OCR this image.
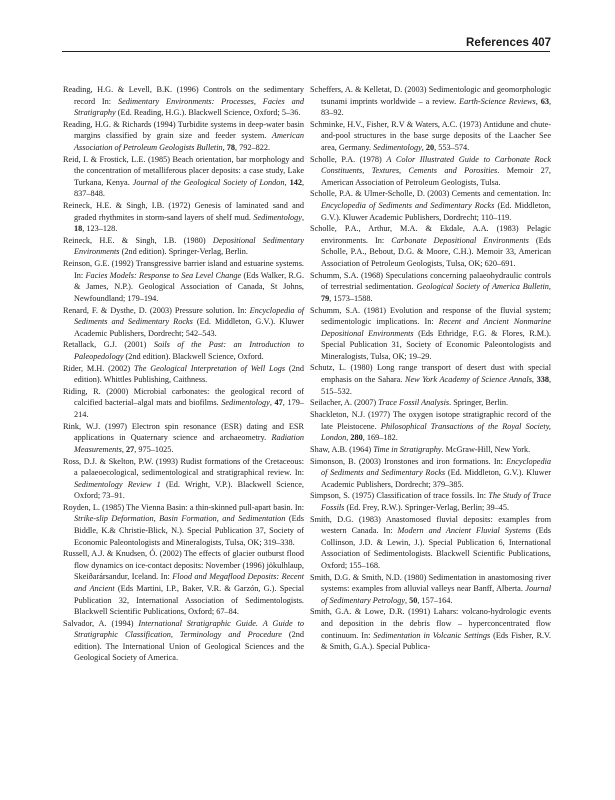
References 407

Reading, H.G. & Levell, B.K. (1996) Controls on the sedimentary record In: Sedimentary Environments: Processes, Facies and Stratigraphy (Ed. Reading, H.G.). Blackwell Science, Oxford; 5–36.

Reading, H.G. & Richards (1994) Turbidite systems in deep-water basin margins classified by grain size and feeder system. American Association of Petroleum Geologists Bulletin, 78, 792–822.

Reid, I. & Frostick, L.E. (1985) Beach orientation, bar morphology and the concentration of metalliferous placer deposits: a case study, Lake Turkana, Kenya. Journal of the Geological Society of London, 142, 837–848.

Reineck, H.E. & Singh, I.B. (1972) Genesis of laminated sand and graded rhythmites in storm-sand layers of shelf mud. Sedimentology, 18, 123–128.

Reineck, H.E. & Singh, I.B. (1980) Depositional Sedimentary Environments (2nd edition). Springer-Verlag, Berlin.

Reinson, G.E. (1992) Transgressive barrier island and estuarine systems. In: Facies Models: Response to Sea Level Change (Eds Walker, R.G. & James, N.P.). Geological Association of Canada, St Johns, Newfoundland; 179–194.

Renard, F. & Dysthe, D. (2003) Pressure solution. In: Encyclopedia of Sediments and Sedimentary Rocks (Ed. Middleton, G.V.). Kluwer Academic Publishers, Dordrecht; 542–543.

Retallack, G.J. (2001) Soils of the Past: an Introduction to Paleopedology (2nd edition). Blackwell Science, Oxford.

Rider, M.H. (2002) The Geological Interpretation of Well Logs (2nd edition). Whittles Publishing, Caithness.

Riding, R. (2000) Microbial carbonates: the geological record of calcified bacterial–algal mats and biofilms. Sedimentology, 47, 179–214.

Rink, W.J. (1997) Electron spin resonance (ESR) dating and ESR applications in Quaternary science and archaeometry. Radiation Measurements, 27, 975–1025.

Ross, D.J. & Skelton, P.W. (1993) Rudist formations of the Cretaceous: a palaeoecological, sedimentological and stratigraphical review. In: Sedimentology Review 1 (Ed. Wright, V.P.). Blackwell Science, Oxford; 73–91.

Royden, L. (1985) The Vienna Basin: a thin-skinned pull-apart basin. In: Strike-slip Deformation, Basin Formation, and Sedimentation (Eds Biddle, K.& Christie-Blick, N.). Special Publication 37, Society of Economic Paleontologists and Mineralogists, Tulsa, OK; 319–338.

Russell, A.J. & Knudsen, Ó. (2002) The effects of glacier outburst flood flow dynamics on ice-contact deposits: November (1996) jökulhlaup, Skeiðarársandur, Iceland. In: Flood and Megaflood Deposits: Recent and Ancient (Eds Martini, I.P., Baker, V.R. & Garzón, G.). Special Publication 32, International Association of Sedimentologists. Blackwell Scientific Publications, Oxford; 67–84.

Salvador, A. (1994) International Stratigraphic Guide. A Guide to Stratigraphic Classification, Terminology and Procedure (2nd edition). The International Union of Geological Sciences and the Geological Society of America.

Scheffers, A. & Kelletat, D. (2003) Sedimentologic and geomorphologic tsunami imprints worldwide – a review. Earth-Science Reviews, 63, 83–92.

Schminke, H.V., Fisher, R.V & Waters, A.C. (1973) Antidune and chute-and-pool structures in the base surge deposits of the Laacher See area, Germany. Sedimentology, 20, 553–574.

Scholle, P.A. (1978) A Color Illustrated Guide to Carbonate Rock Constituents, Textures, Cements and Porosities. Memoir 27, American Association of Petroleum Geologists, Tulsa.

Scholle, P.A. & Ulmer-Scholle, D. (2003) Cements and cementation. In: Encyclopedia of Sediments and Sedimentary Rocks (Ed. Middleton, G.V.). Kluwer Academic Publishers, Dordrecht; 110–119.

Scholle, P.A., Arthur, M.A. & Ekdale, A.A. (1983) Pelagic environments. In: Carbonate Depositional Environments (Eds Scholle, P.A., Bebout, D.G. & Moore, C.H.). Memoir 33, American Association of Petroleum Geologists, Tulsa, OK; 620–691.

Schumm, S.A. (1968) Speculations concerning palaeohydraulic controls of terrestrial sedimentation. Geological Society of America Bulletin, 79, 1573–1588.

Schumm, S.A. (1981) Evolution and response of the fluvial system; sedimentologic implications. In: Recent and Ancient Nonmarine Depositional Environments (Eds Ethridge, F.G. & Flores, R.M.). Special Publication 31, Society of Economic Paleontologists and Mineralogists, Tulsa, OK; 19–29.

Schutz, L. (1980) Long range transport of desert dust with special emphasis on the Sahara. New York Academy of Science Annals, 338, 515–532.

Seilacher, A. (2007) Trace Fossil Analysis. Springer, Berlin.

Shackleton, N.J. (1977) The oxygen isotope stratigraphic record of the late Pleistocene. Philosophical Transactions of the Royal Society, London, 280, 169–182.

Shaw, A.B. (1964) Time in Stratigraphy. McGraw-Hill, New York.

Simonson, B. (2003) Ironstones and iron formations. In: Encyclopedia of Sediments and Sedimentary Rocks (Ed. Middleton, G.V.). Kluwer Academic Publishers, Dordrecht; 379–385.

Simpson, S. (1975) Classification of trace fossils. In: The Study of Trace Fossils (Ed. Frey, R.W.). Springer-Verlag, Berlin; 39–45.

Smith, D.G. (1983) Anastomosed fluvial deposits: examples from western Canada. In: Modern and Ancient Fluvial Systems (Eds Collinson, J.D. & Lewin, J.). Special Publication 6, International Association of Sedimentologists. Blackwell Scientific Publications, Oxford; 155–168.

Smith, D.G. & Smith, N.D. (1980) Sedimentation in anastomosing river systems: examples from alluvial valleys near Banff, Alberta. Journal of Sedimentary Petrology, 50, 157–164.

Smith, G.A. & Lowe, D.R. (1991) Lahars: volcano-hydrologic events and deposition in the debris flow – hyperconcentrated flow continuum. In: Sedimentation in Volcanic Settings (Eds Fisher, R.V. & Smith, G.A.). Special Publica-
